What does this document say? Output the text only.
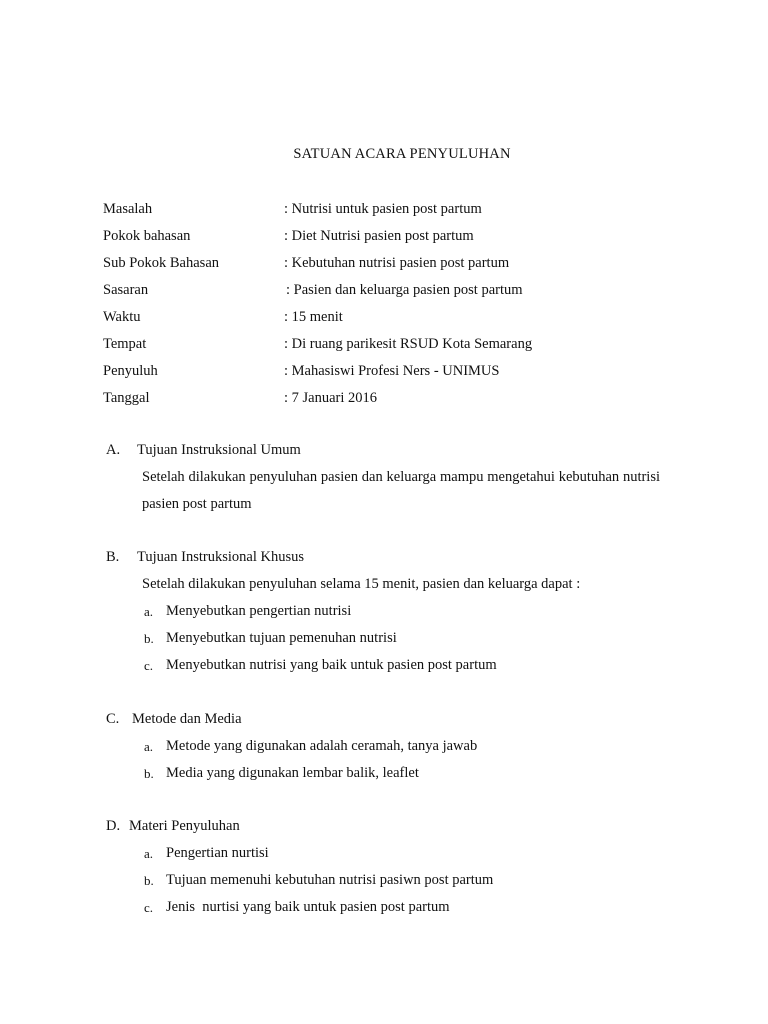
SATUAN ACARA PENYULUHAN
Masalah	: Nutrisi untuk pasien post partum
Pokok bahasan	: Diet Nutrisi pasien post partum
Sub Pokok Bahasan	: Kebutuhan nutrisi pasien post partum
Sasaran	: Pasien dan keluarga pasien post partum
Waktu	: 15 menit
Tempat	: Di ruang parikesit RSUD Kota Semarang
Penyuluh	: Mahasiswi Profesi Ners - UNIMUS
Tanggal	: 7 Januari 2016
A. Tujuan Instruksional Umum
Setelah dilakukan penyuluhan pasien dan keluarga mampu mengetahui kebutuhan nutrisi pasien post partum
B. Tujuan Instruksional Khusus
Setelah dilakukan penyuluhan selama 15 menit, pasien dan keluarga dapat :
a. Menyebutkan pengertian nutrisi
b. Menyebutkan tujuan pemenuhan nutrisi
c. Menyebutkan nutrisi yang baik untuk pasien post partum
C. Metode dan Media
a. Metode yang digunakan adalah ceramah, tanya jawab
b. Media yang digunakan lembar balik, leaflet
D. Materi Penyuluhan
a. Pengertian nurtisi
b. Tujuan memenuhi kebutuhan nutrisi pasiwn post partum
c. Jenis  nurtisi yang baik untuk pasien post partum
